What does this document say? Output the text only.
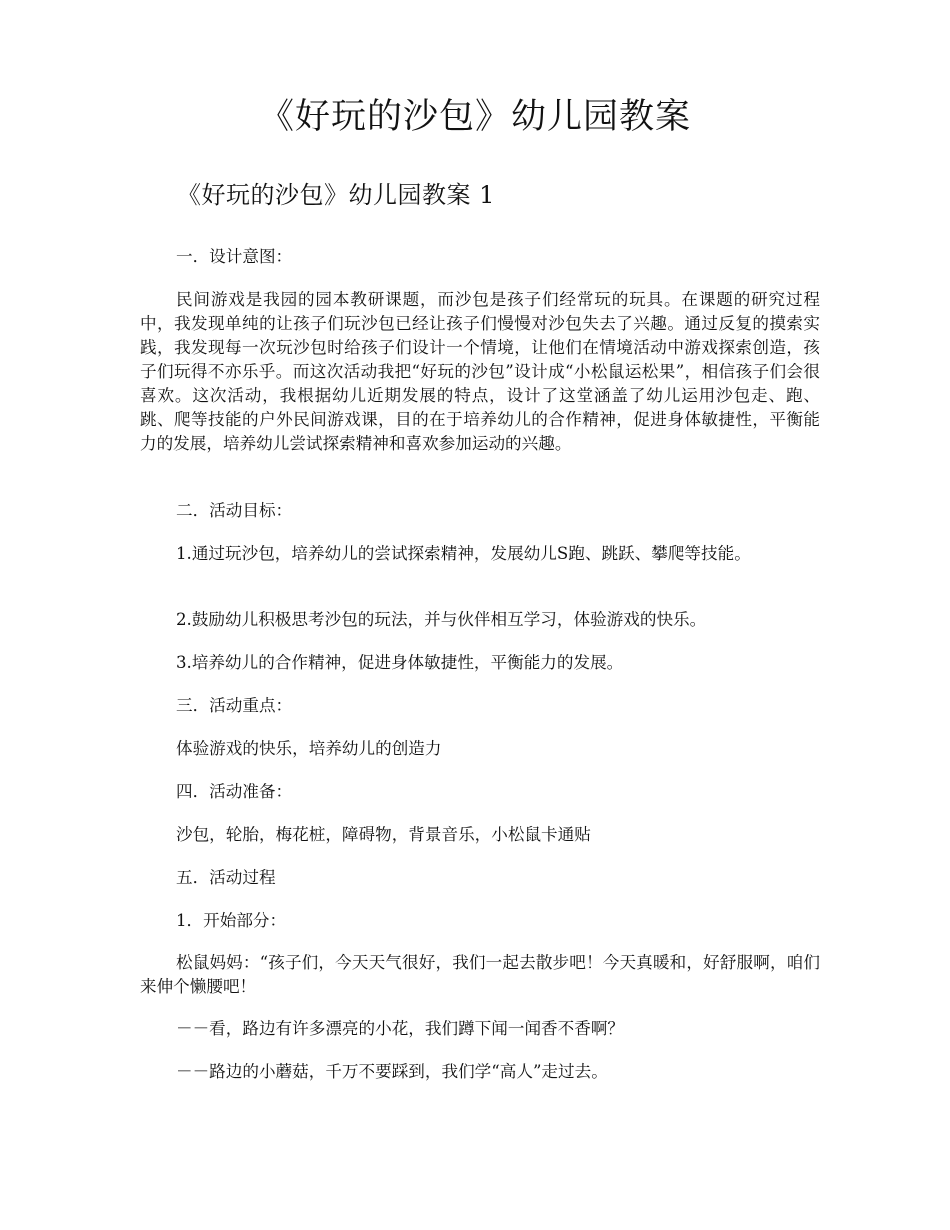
《好玩的沙包》幼儿园教案
《好玩的沙包》幼儿园教案 1

一．设计意图：

民间游戏是我园的园本教研课题，而沙包是孩子们经常玩的玩具。在课题的研究过程中，我发现单纯的让孩子们玩沙包已经让孩子们慢慢对沙包失去了兴趣。通过反复的摸索实践，我发现每一次玩沙包时给孩子们设计一个情境，让他们在情境活动中游戏探索创造，孩子们玩得不亦乐乎。而这次活动我把“好玩的沙包”设计成“小松鼠运松果”，相信孩子们会很喜欢。这次活动，我根据幼儿近期发展的特点，设计了这堂涵盖了幼儿运用沙包走、跑、跳、爬等技能的户外民间游戏课，目的在于培养幼儿的合作精神，促进身体敏捷性，平衡能力的发展，培养幼儿尝试探索精神和喜欢参加运动的兴趣。

二．活动目标：

1.通过玩沙包，培养幼儿的尝试探索精神，发展幼儿S跑、跳跃、攀爬等技能。

2.鼓励幼儿积极思考沙包的玩法，并与伙伴相互学习，体验游戏的快乐。

3.培养幼儿的合作精神，促进身体敏捷性，平衡能力的发展。

三．活动重点：

体验游戏的快乐，培养幼儿的创造力

四．活动准备：

沙包，轮胎，梅花桩，障碍物，背景音乐，小松鼠卡通贴

五．活动过程

1．开始部分：

松鼠妈妈：“孩子们，今天天气很好，我们一起去散步吧！今天真暖和，好舒服啊，咱们来伸个懒腰吧！

－－看，路边有许多漂亮的小花，我们蹲下闻一闻香不香啊？

－－路边的小蘑菇，千万不要踩到，我们学“高人”走过去。
